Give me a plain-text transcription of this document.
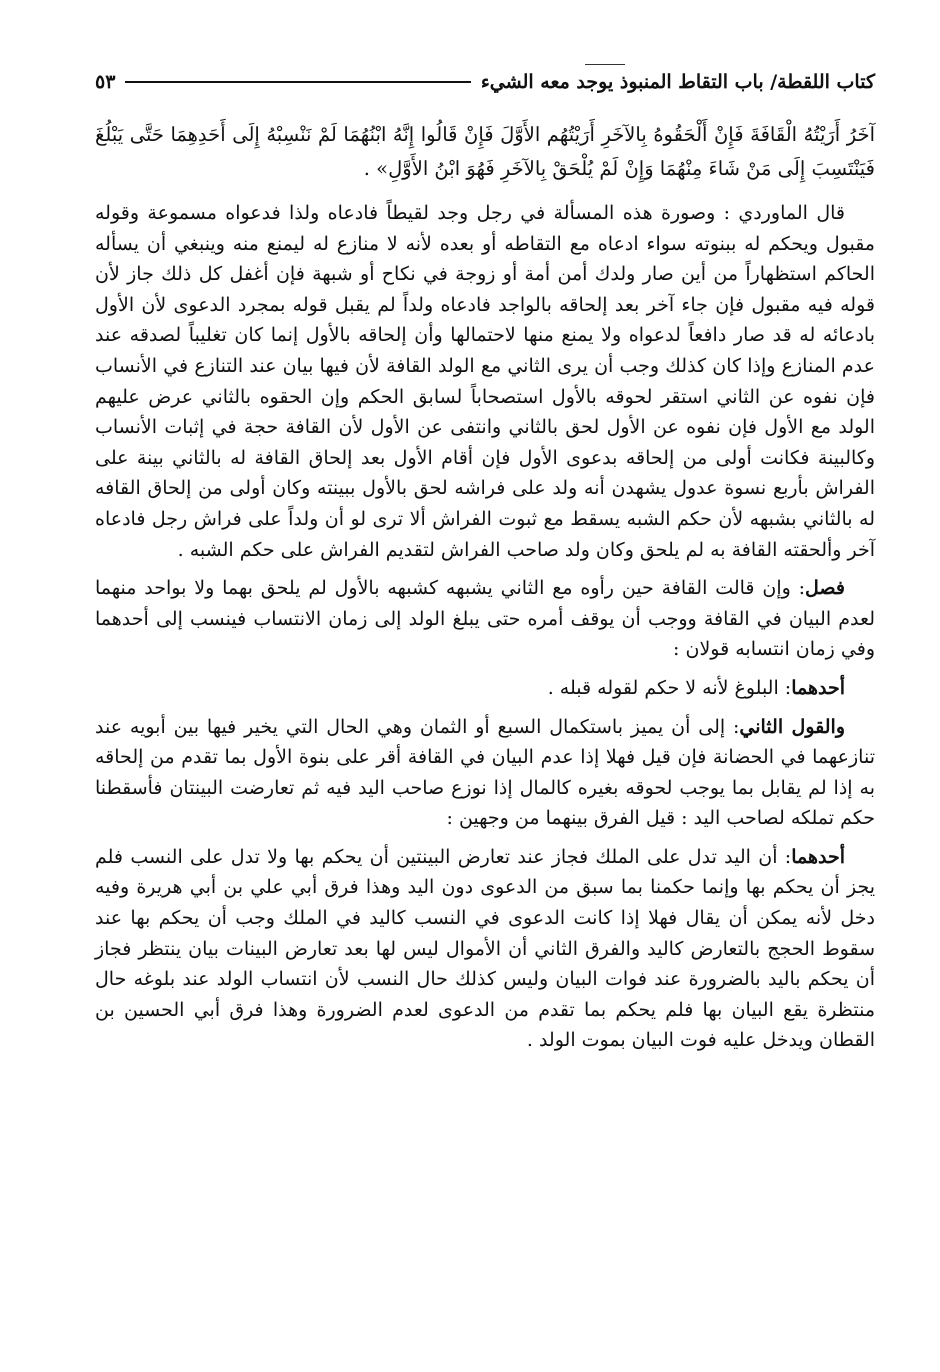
كتاب اللقطة/ باب التقاط المنبوذ يوجد معه الشيء
٥٣

آخَرُ أَرَيْتُهُ الْقَافَةَ فَإِنْ أَلْحَقُوهُ بِالآخَرِ أَرَيْتُهُم الأَوَّلَ فَإِنْ قَالُوا إِنَّهُ ابْنُهُمَا لَمْ نَنْسِبْهُ إِلَى أَحَدِهِمَا حَتَّى يَبْلُغَ فَيَنْتَسِبَ إِلَى مَنْ شَاءَ مِنْهُمَا وَإِنْ لَمْ يُلْحَقْ بِالآخَرِ فَهُوَ ابْنُ الأَوَّلِ» .

قال الماوردي : وصورة هذه المسألة في رجل وجد لقيطاً فادعاه ولذا فدعواه مسموعة وقوله مقبول ويحكم له ببنوته سواء ادعاه مع التقاطه أو بعده لأنه لا منازع له ليمنع منه وينبغي أن يسأله الحاكم استظهاراً من أين صار ولدك أمن أمة أو زوجة في نكاح أو شبهة فإن أغفل كل ذلك جاز لأن قوله فيه مقبول فإن جاء آخر بعد إلحاقه بالواجد فادعاه ولداً لم يقبل قوله بمجرد الدعوى لأن الأول بادعائه له قد صار دافعاً لدعواه ولا يمنع منها لاحتمالها وأن إلحاقه بالأول إنما كان تغليباً لصدقه عند عدم المنازع وإذا كان كذلك وجب أن يرى الثاني مع الولد القافة لأن فيها بيان عند التنازع في الأنساب فإن نفوه عن الثاني استقر لحوقه بالأول استصحاباً لسابق الحكم وإن الحقوه بالثاني عرض عليهم الولد مع الأول فإن نفوه عن الأول لحق بالثاني وانتفى عن الأول لأن القافة حجة في إثبات الأنساب وكالبينة فكانت أولى من إلحاقه بدعوى الأول فإن أقام الأول بعد إلحاق القافة له بالثاني بينة على الفراش بأربع نسوة عدول يشهدن أنه ولد على فراشه لحق بالأول ببينته وكان أولى من إلحاق القافه له بالثاني بشبهه لأن حكم الشبه يسقط مع ثبوت الفراش ألا ترى لو أن ولداً على فراش رجل فادعاه آخر وألحقته القافة به لم يلحق وكان ولد صاحب الفراش لتقديم الفراش على حكم الشبه .

فصل: وإن قالت القافة حين رأوه مع الثاني يشبهه كشبهه بالأول لم يلحق بهما ولا بواحد منهما لعدم البيان في القافة ووجب أن يوقف أمره حتى يبلغ الولد إلى زمان الانتساب فينسب إلى أحدهما وفي زمان انتسابه قولان :

أحدهما: البلوغ لأنه لا حكم لقوله قبله .

والقول الثاني: إلى أن يميز باستكمال السبع أو الثمان وهي الحال التي يخير فيها بين أبويه عند تنازعهما في الحضانة فإن قيل فهلا إذا عدم البيان في القافة أقر على بنوة الأول بما تقدم من إلحاقه به إذا لم يقابل بما يوجب لحوقه بغيره كالمال إذا نوزع صاحب اليد فيه ثم تعارضت البينتان فأسقطنا حكم تملكه لصاحب اليد : قيل الفرق بينهما من وجهين :

أحدهما: أن اليد تدل على الملك فجاز عند تعارض البينتين أن يحكم بها ولا تدل على النسب فلم يجز أن يحكم بها وإنما حكمنا بما سبق من الدعوى دون اليد وهذا فرق أبي علي بن أبي هريرة وفيه دخل لأنه يمكن أن يقال فهلا إذا كانت الدعوى في النسب كاليد في الملك وجب أن يحكم بها عند سقوط الحجج بالتعارض كاليد والفرق الثاني أن الأموال ليس لها بعد تعارض البينات بيان ينتظر فجاز أن يحكم باليد بالضرورة عند فوات البيان وليس كذلك حال النسب لأن انتساب الولد عند بلوغه حال منتظرة يقع البيان بها فلم يحكم بما تقدم من الدعوى لعدم الضرورة وهذا فرق أبي الحسين بن القطان ويدخل عليه فوت البيان بموت الولد .
